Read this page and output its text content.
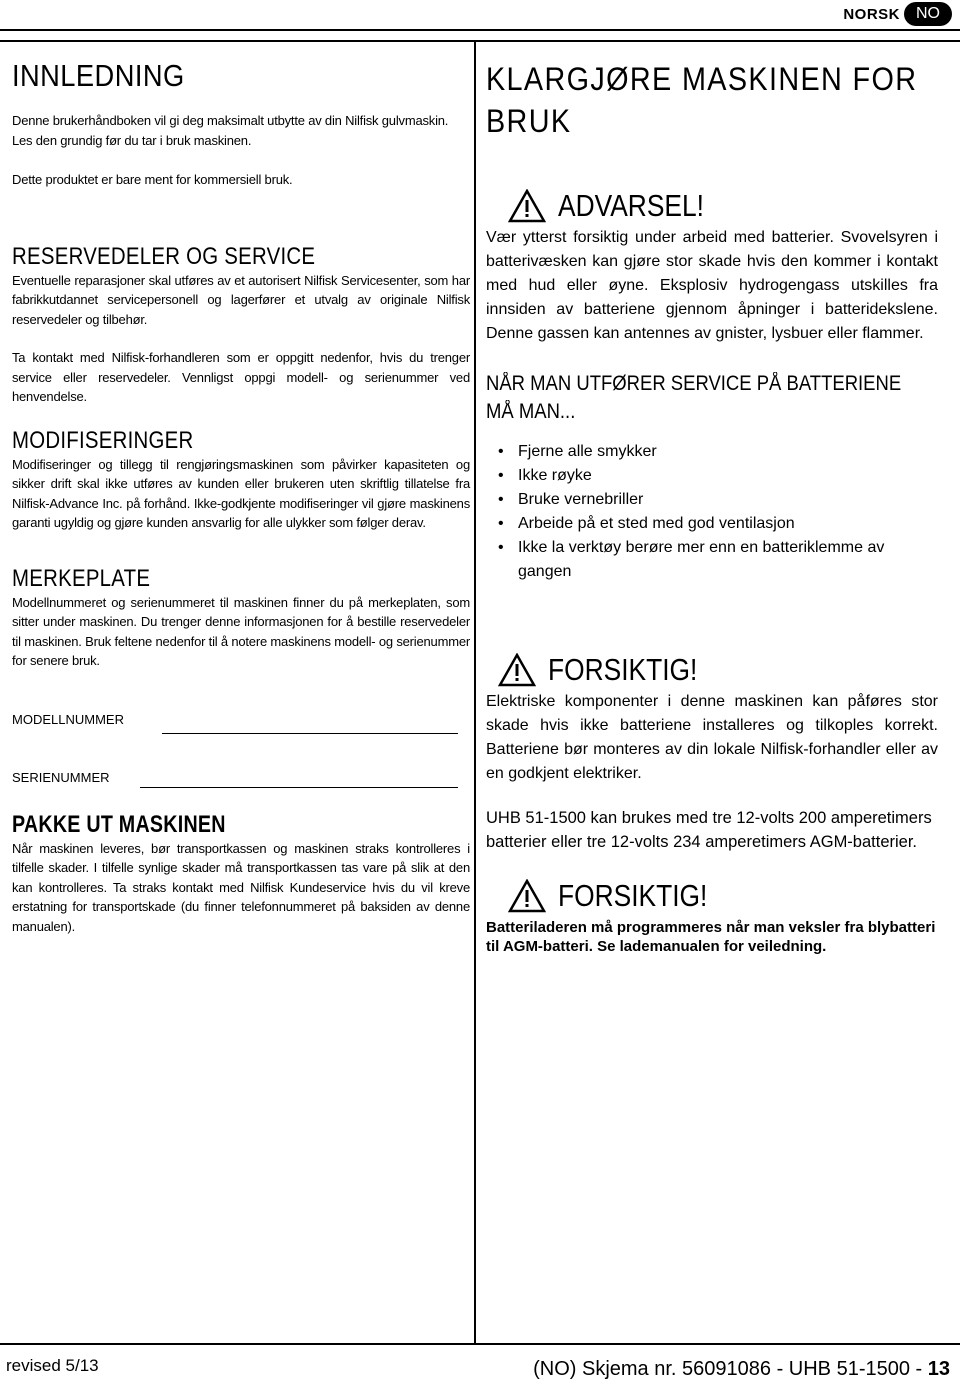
NORSK	NO
INNLEDNING

Denne brukerhåndboken vil gi deg maksimalt utbytte av din Nilfisk gulvmaskin.

Les den grundig før du tar i bruk maskinen.

Dette produktet er bare ment for kommersiell bruk.

RESERVEDELER OG SERVICE

Eventuelle reparasjoner skal utføres av et autorisert Nilfisk Servicesenter, som har fabrikkutdannet servicepersonell og lagerfører et utvalg av originale Nilfisk reservedeler og tilbehør.

Ta kontakt med Nilfisk-forhandleren som er oppgitt nedenfor, hvis du trenger service eller reservedeler. Vennligst oppgi modell- og serienummer ved henvendelse.

MODIFISERINGER

Modifiseringer og tillegg til rengjøringsmaskinen som påvirker kapasiteten og sikker drift skal ikke utføres av kunden eller brukeren uten skriftlig tillatelse fra Nilfisk-Advance Inc. på forhånd. Ikke-godkjente modifiseringer vil gjøre maskinens garanti ugyldig og gjøre kunden ansvarlig for alle ulykker som følger derav.

MERKEPLATE

Modellnummeret og serienummeret til maskinen finner du på merkeplaten, som sitter under maskinen. Du trenger denne informasjonen for å bestille reservedeler til maskinen. Bruk feltene nedenfor til å notere maskinens modell- og serienummer for senere bruk.

MODELLNUMMER
SERIENUMMER
PAKKE UT MASKINEN

Når maskinen leveres, bør transportkassen og maskinen straks kontrolleres i tilfelle skader. I tilfelle synlige skader må transportkassen tas vare på slik at den kan kontrolleres. Ta straks kontakt med Nilfisk Kundeservice hvis du vil kreve erstatning for transportskade (du finner telefonnummeret på baksiden av denne manualen).

KLARGJØRE MASKINEN FOR
BRUK
ADVARSEL!

Vær ytterst forsiktig under arbeid med batterier. Svovelsyren i batterivæsken kan gjøre stor skade hvis den kommer i kontakt med hud eller øyne. Eksplosiv hydrogengass utskilles fra innsiden av batteriene gjennom åpninger i batteridekslene. Denne gassen kan antennes av gnister, lysbuer eller flammer.

NÅR MAN UTFØRER SERVICE PÅ BATTERIENE
MÅ MAN...
• Fjerne alle smykker
• Ikke røyke
• Bruke vernebriller
• Arbeide på et sted med god ventilasjon
• Ikke la verktøy berøre mer enn en batteriklemme av gangen
FORSIKTIG!

Elektriske komponenter i denne maskinen kan påføres stor skade hvis ikke batteriene installeres og tilkoples korrekt. Batteriene bør monteres av din lokale Nilfisk-forhandler eller av en godkjent elektriker.

UHB 51-1500 kan brukes med tre 12-volts 200 amperetimers batterier eller tre 12-volts 234 amperetimers AGM-batterier.

FORSIKTIG!

Batteriladeren må programmeres når man veksler fra blybatteri til AGM-batteri. Se lademanualen for veiledning.

revised 5/13	(NO) Skjema nr. 56091086 - UHB 51-1500 - 13
